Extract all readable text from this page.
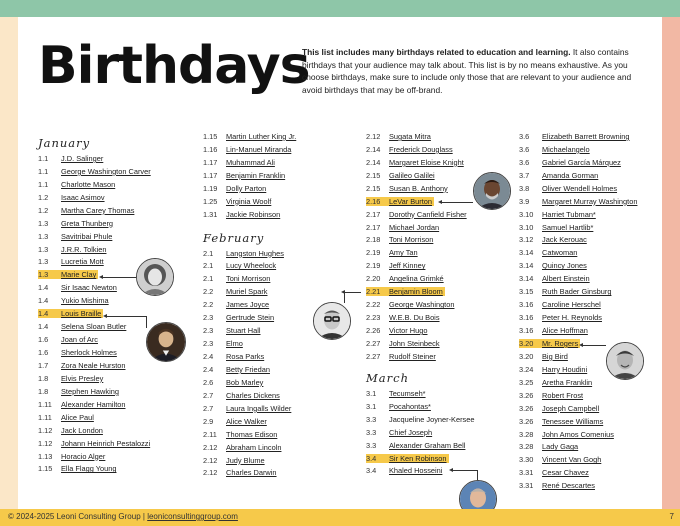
Birthdays
This list includes many birthdays related to education and learning. It also contains birthdays that your audience may talk about. This list is by no means exhaustive. As you choose birthdays, make sure to include only those that are relevant to your audience and avoid birthdays that may be off-brand.
January
1.1	J.D. Salinger
1.1	George Washington Carver
1.1	Charlotte Mason
1.2	Isaac Asimov
1.2	Martha Carey Thomas
1.3	Greta Thunberg
1.3	Savitribai Phule
1.3	J.R.R. Tolkien
1.3	Lucretia Mott
1.3	Marie Clay
1.4	Sir Isaac Newton
1.4	Yukio Mishima
1.4	Louis Braille
1.4	Selena Sloan Butler
1.6	Joan of Arc
1.6	Sherlock Holmes
1.7	Zora Neale Hurston
1.8	Elvis Presley
1.8	Stephen Hawking
1.11	Alexander Hamilton
1.11	Alice Paul
1.12	Jack London
1.12	Johann Heinrich Pestalozzi
1.13	Horacio Alger
1.15	Ella Flagg Young
1.15	Martin Luther King Jr.
1.16	Lin-Manuel Miranda
1.17	Muhammad Ali
1.17	Benjamin Franklin
1.19	Dolly Parton
1.25	Virginia Woolf
1.31	Jackie Robinson
February
2.1	Langston Hughes
2.1	Lucy Wheelock
2.1	Toni Morrison
2.2	Muriel Spark
2.2	James Joyce
2.3	Gertrude Stein
2.3	Stuart Hall
2.3	Elmo
2.4	Rosa Parks
2.4	Betty Friedan
2.6	Bob Marley
2.7	Charles Dickens
2.7	Laura Ingalls Wilder
2.9	Alice Walker
2.11	Thomas Edison
2.12	Abraham Lincoln
2.12	Judy Blume
2.12	Charles Darwin
2.12	Sugata Mitra
2.14	Frederick Douglass
2.14	Margaret Eloise Knight
2.15	Galileo Galilei
2.15	Susan B. Anthony
2.16	LeVar Burton
2.17	Dorothy Canfield Fisher
2.17	Michael Jordan
2.18	Toni Morrison
2.19	Amy Tan
2.19	Jeff Kinney
2.20	Angelina Grimké
2.21	Benjamin Bloom
2.22	George Washington
2.23	W.E.B. Du Bois
2.26	Victor Hugo
2.27	John Steinbeck
2.27	Rudolf Steiner
March
3.1	Tecumseh*
3.1	Pocahontas*
3.3	Jacqueline Joyner-Kersee
3.3	Chief Joseph
3.3	Alexander Graham Bell
3.4	Sir Ken Robinson
3.4	Khaled Hosseini
3.6	Elizabeth Barrett Browning
3.6	Michaelangelo
3.6	Gabriel García Márquez
3.7	Amanda Gorman
3.8	Oliver Wendell Holmes
3.9	Margaret Murray Washington
3.10	Harriet Tubman*
3.10	Samuel Hartlib*
3.12	Jack Kerouac
3.14	Catwoman
3.14	Quincy Jones
3.14	Albert Einstein
3.15	Ruth Bader Ginsburg
3.16	Caroline Herschel
3.16	Peter H. Reynolds
3.16	Alice Hoffman
3.20	Mr. Rogers
3.20	Big Bird
3.24	Harry Houdini
3.25	Aretha Franklin
3.26	Robert Frost
3.26	Joseph Campbell
3.26	Tenessee Williams
3.28	John Amos Comenius
3.28	Lady Gaga
3.30	Vincent Van Gogh
3.31	Cesar Chavez
3.31	René Descartes
© 2024-2025 Leoni Consulting Group | leoniconsultinggroup.com	7
